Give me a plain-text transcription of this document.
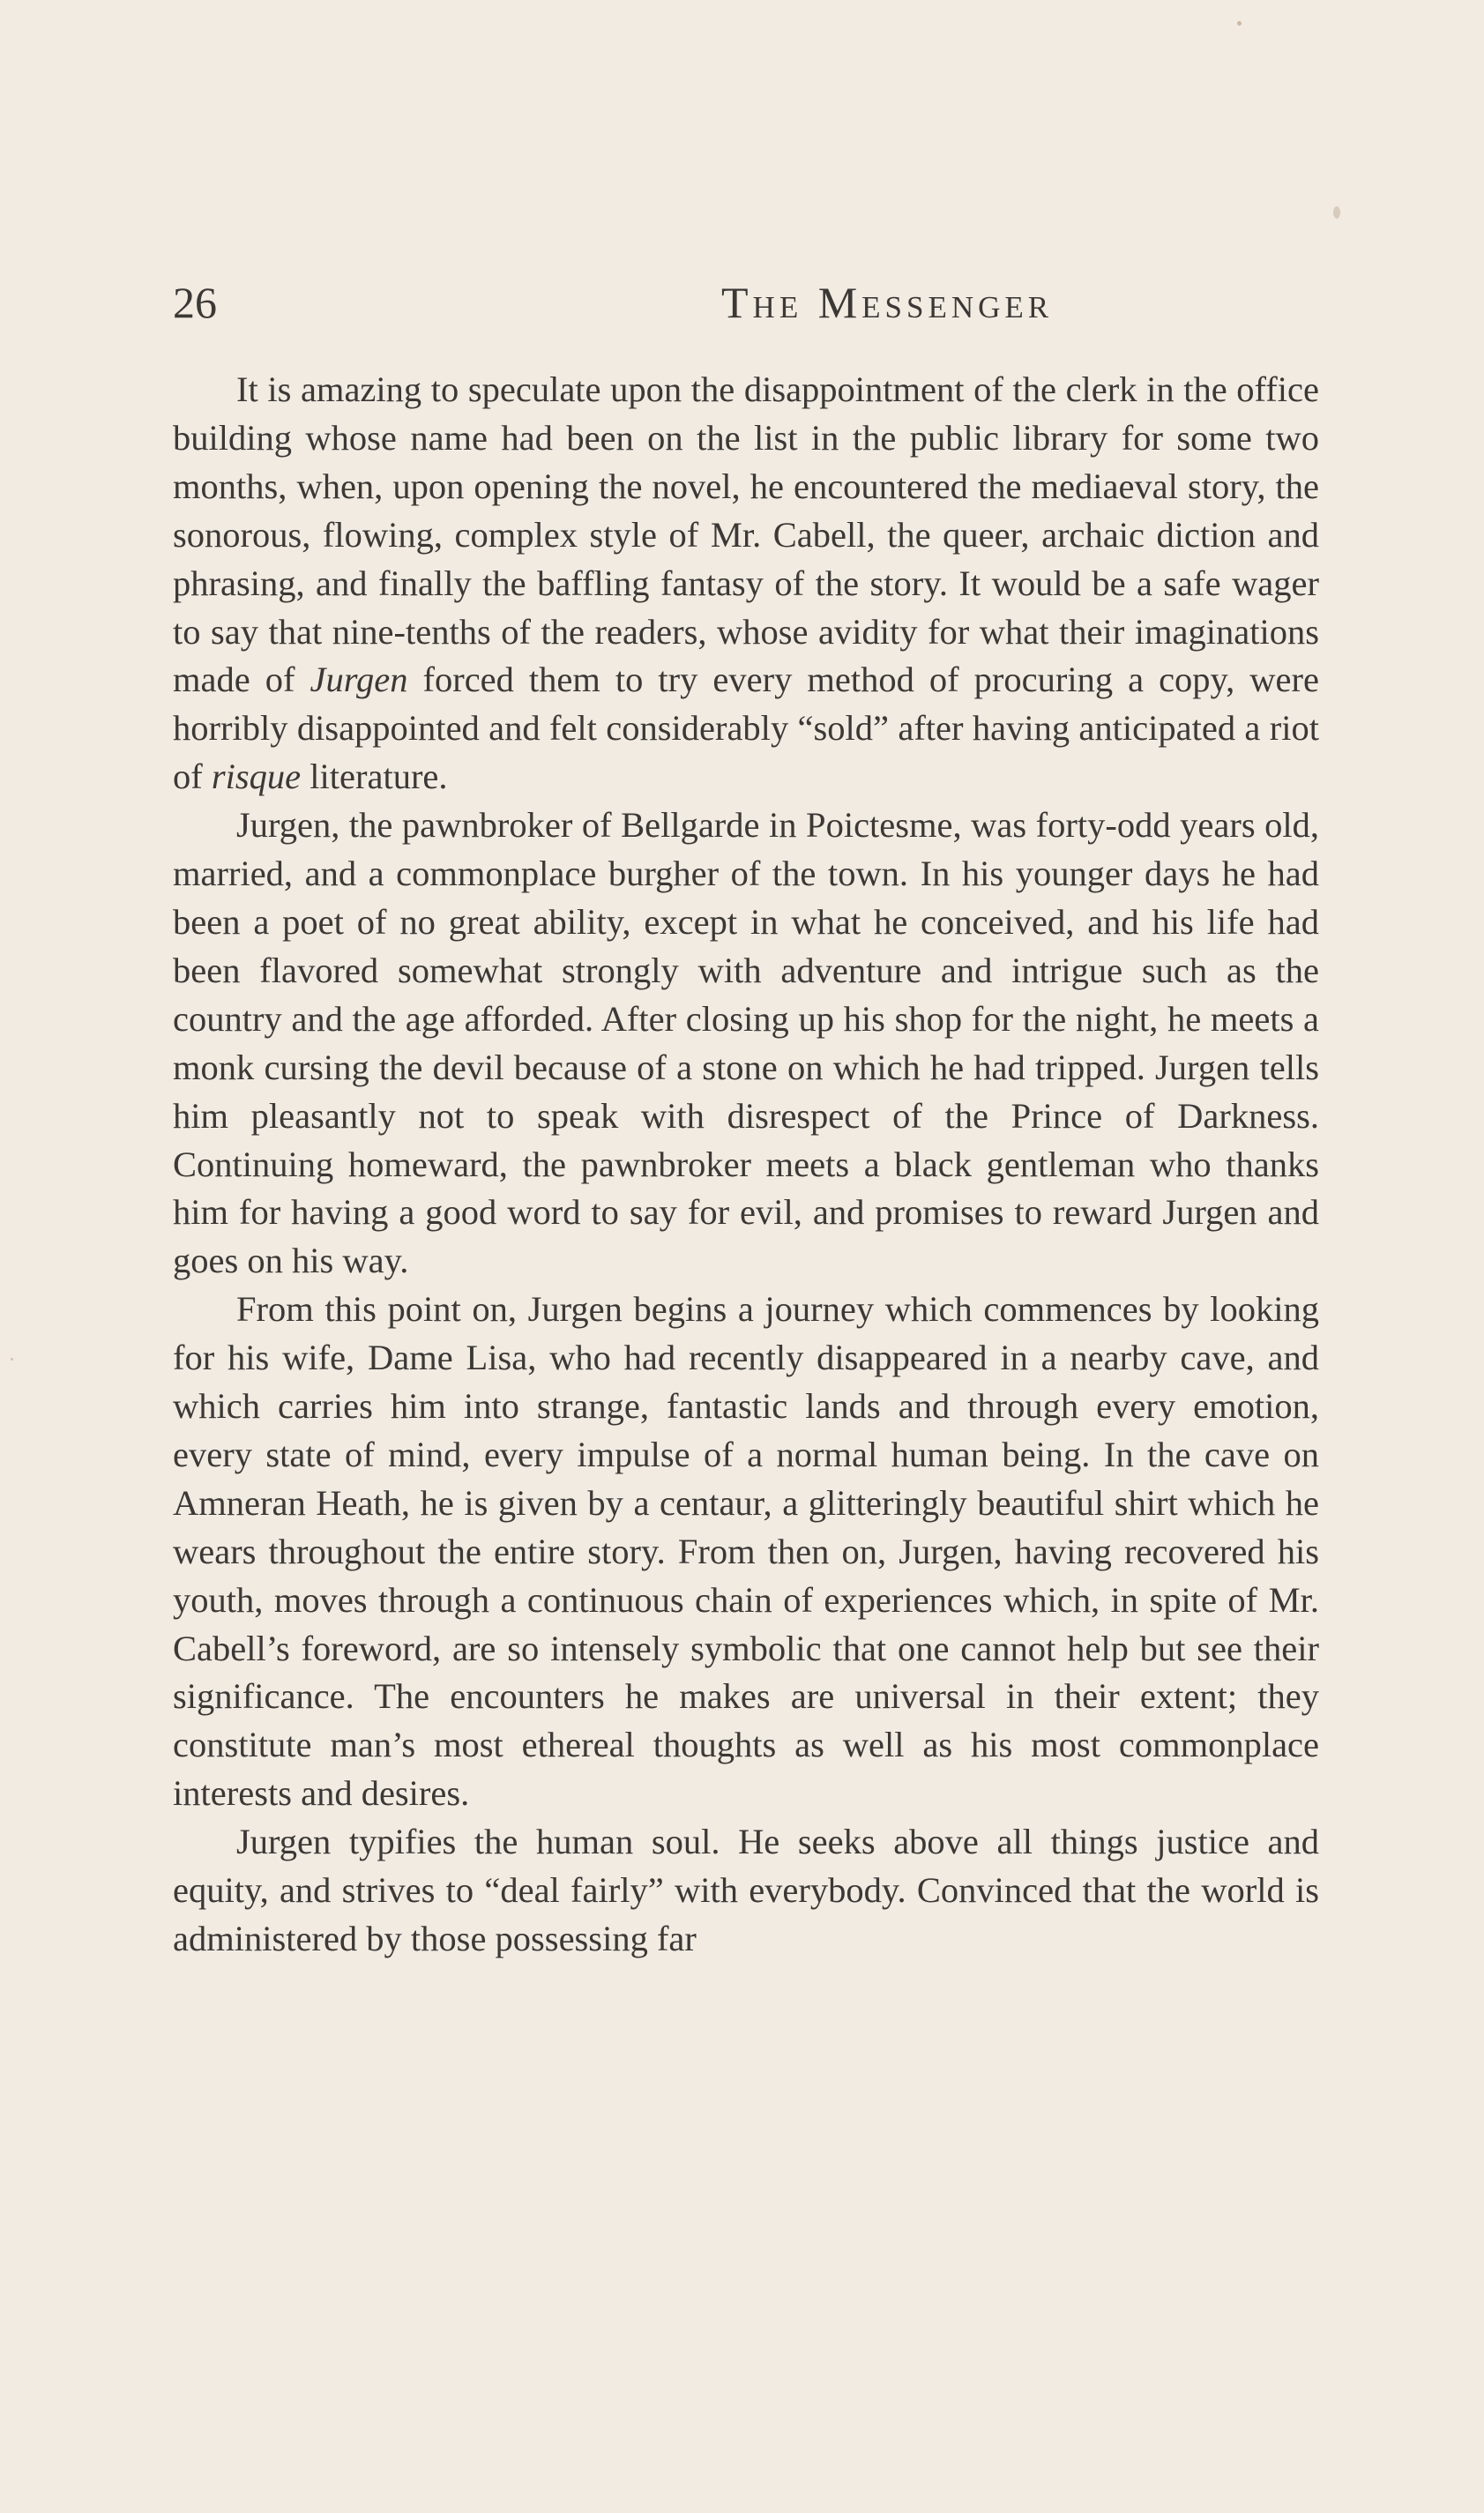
26	The Messenger

It is amazing to speculate upon the disappointment of the clerk in the office building whose name had been on the list in the public library for some two months, when, upon opening the novel, he encountered the mediaeval story, the sonorous, flowing, complex style of Mr. Cabell, the queer, archaic diction and phrasing, and finally the baffling fantasy of the story. It would be a safe wager to say that nine-tenths of the readers, whose avidity for what their imaginations made of Jurgen forced them to try every method of procuring a copy, were horribly disappointed and felt considerably “sold” after having anticipated a riot of risque literature.

Jurgen, the pawnbroker of Bellgarde in Poictesme, was forty-odd years old, married, and a commonplace burgher of the town. In his younger days he had been a poet of no great ability, except in what he conceived, and his life had been flavored somewhat strongly with adventure and intrigue such as the country and the age afforded. After closing up his shop for the night, he meets a monk cursing the devil because of a stone on which he had tripped. Jurgen tells him pleasantly not to speak with disrespect of the Prince of Darkness. Continuing homeward, the pawnbroker meets a black gentleman who thanks him for having a good word to say for evil, and promises to reward Jurgen and goes on his way.

From this point on, Jurgen begins a journey which commences by looking for his wife, Dame Lisa, who had recently disappeared in a nearby cave, and which carries him into strange, fantastic lands and through every emotion, every state of mind, every impulse of a normal human being. In the cave on Amneran Heath, he is given by a centaur, a glitteringly beautiful shirt which he wears throughout the entire story. From then on, Jurgen, having recovered his youth, moves through a continuous chain of experiences which, in spite of Mr. Cabell’s foreword, are so intensely symbolic that one cannot help but see their significance. The encounters he makes are universal in their extent; they constitute man’s most ethereal thoughts as well as his most commonplace interests and desires.

Jurgen typifies the human soul. He seeks above all things justice and equity, and strives to “deal fairly” with everybody. Convinced that the world is administered by those possessing far
